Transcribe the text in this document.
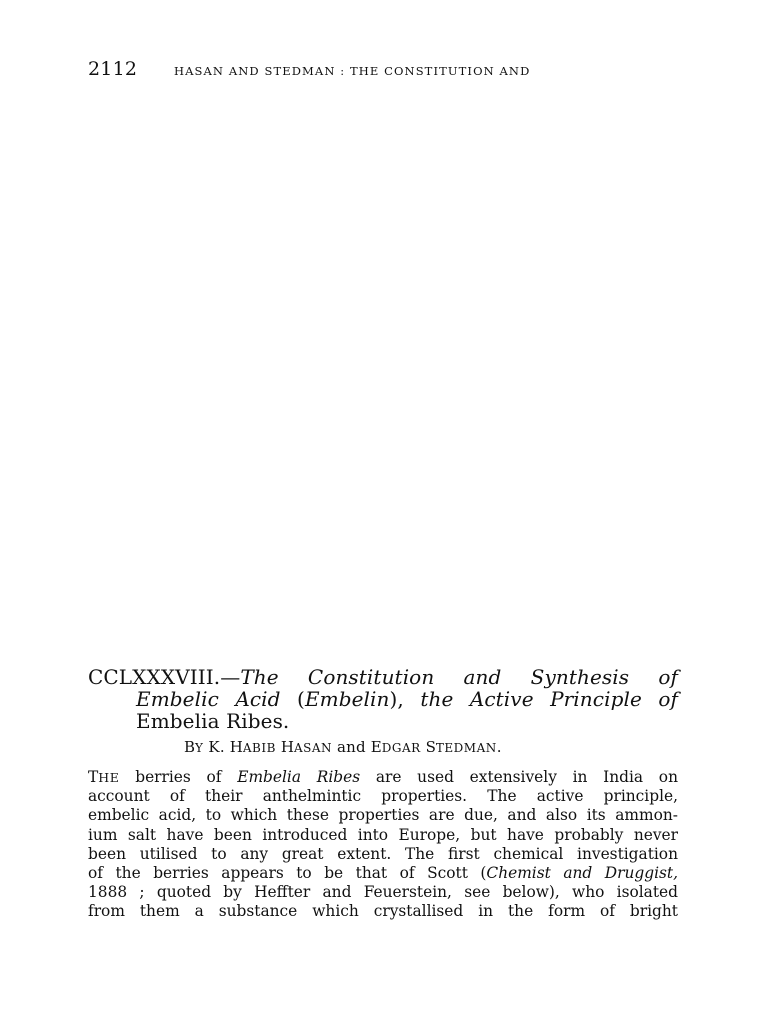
2112	HASAN AND STEDMAN : THE CONSTITUTION AND
CCLXXXVIII.—The Constitution and Synthesis of
Embelic Acid (Embelin), the Active Principle of
Embelia Ribes.

BY K. HABIB HASAN and EDGAR STEDMAN.

THE berries of Embelia Ribes are used extensively in India on
account of their anthelmintic properties. The active principle,
embelic acid, to which these properties are due, and also its ammon-
ium salt have been introduced into Europe, but have probably never
been utilised to any great extent. The first chemical investigation
of the berries appears to be that of Scott (Chemist and Druggist,
1888 ; quoted by Heffter and Feuerstein, see below), who isolated
from them a substance which crystallised in the form of bright
